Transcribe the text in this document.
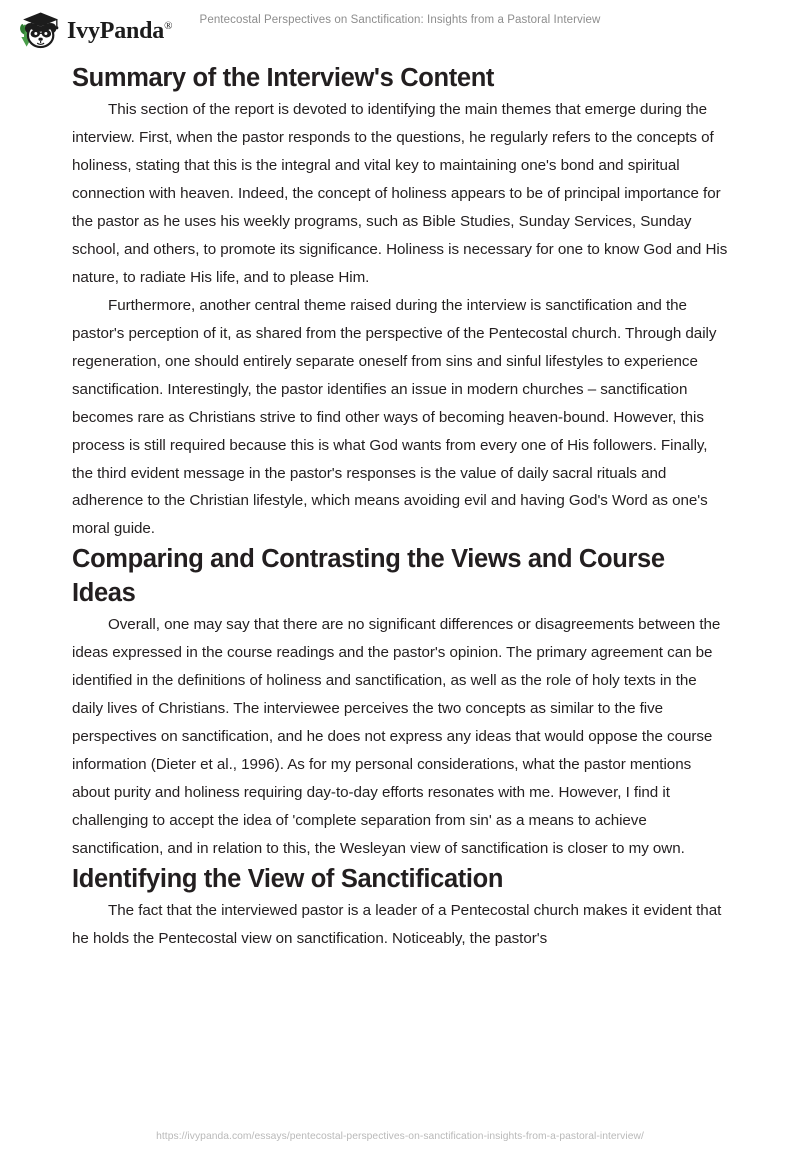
IvyPanda®	Pentecostal Perspectives on Sanctification: Insights from a Pastoral Interview
Summary of the Interview's Content

This section of the report is devoted to identifying the main themes that emerge during the interview. First, when the pastor responds to the questions, he regularly refers to the concepts of holiness, stating that this is the integral and vital key to maintaining one's bond and spiritual connection with heaven. Indeed, the concept of holiness appears to be of principal importance for the pastor as he uses his weekly programs, such as Bible Studies, Sunday Services, Sunday school, and others, to promote its significance. Holiness is necessary for one to know God and His nature, to radiate His life, and to please Him.

Furthermore, another central theme raised during the interview is sanctification and the pastor's perception of it, as shared from the perspective of the Pentecostal church. Through daily regeneration, one should entirely separate oneself from sins and sinful lifestyles to experience sanctification. Interestingly, the pastor identifies an issue in modern churches – sanctification becomes rare as Christians strive to find other ways of becoming heaven-bound. However, this process is still required because this is what God wants from every one of His followers. Finally, the third evident message in the pastor's responses is the value of daily sacral rituals and adherence to the Christian lifestyle, which means avoiding evil and having God's Word as one's moral guide.

Comparing and Contrasting the Views and Course Ideas

Overall, one may say that there are no significant differences or disagreements between the ideas expressed in the course readings and the pastor's opinion. The primary agreement can be identified in the definitions of holiness and sanctification, as well as the role of holy texts in the daily lives of Christians. The interviewee perceives the two concepts as similar to the five perspectives on sanctification, and he does not express any ideas that would oppose the course information (Dieter et al., 1996). As for my personal considerations, what the pastor mentions about purity and holiness requiring day-to-day efforts resonates with me. However, I find it challenging to accept the idea of 'complete separation from sin' as a means to achieve sanctification, and in relation to this, the Wesleyan view of sanctification is closer to my own.

Identifying the View of Sanctification

The fact that the interviewed pastor is a leader of a Pentecostal church makes it evident that he holds the Pentecostal view on sanctification. Noticeably, the pastor's

https://ivypanda.com/essays/pentecostal-perspectives-on-sanctification-insights-from-a-pastoral-interview/
